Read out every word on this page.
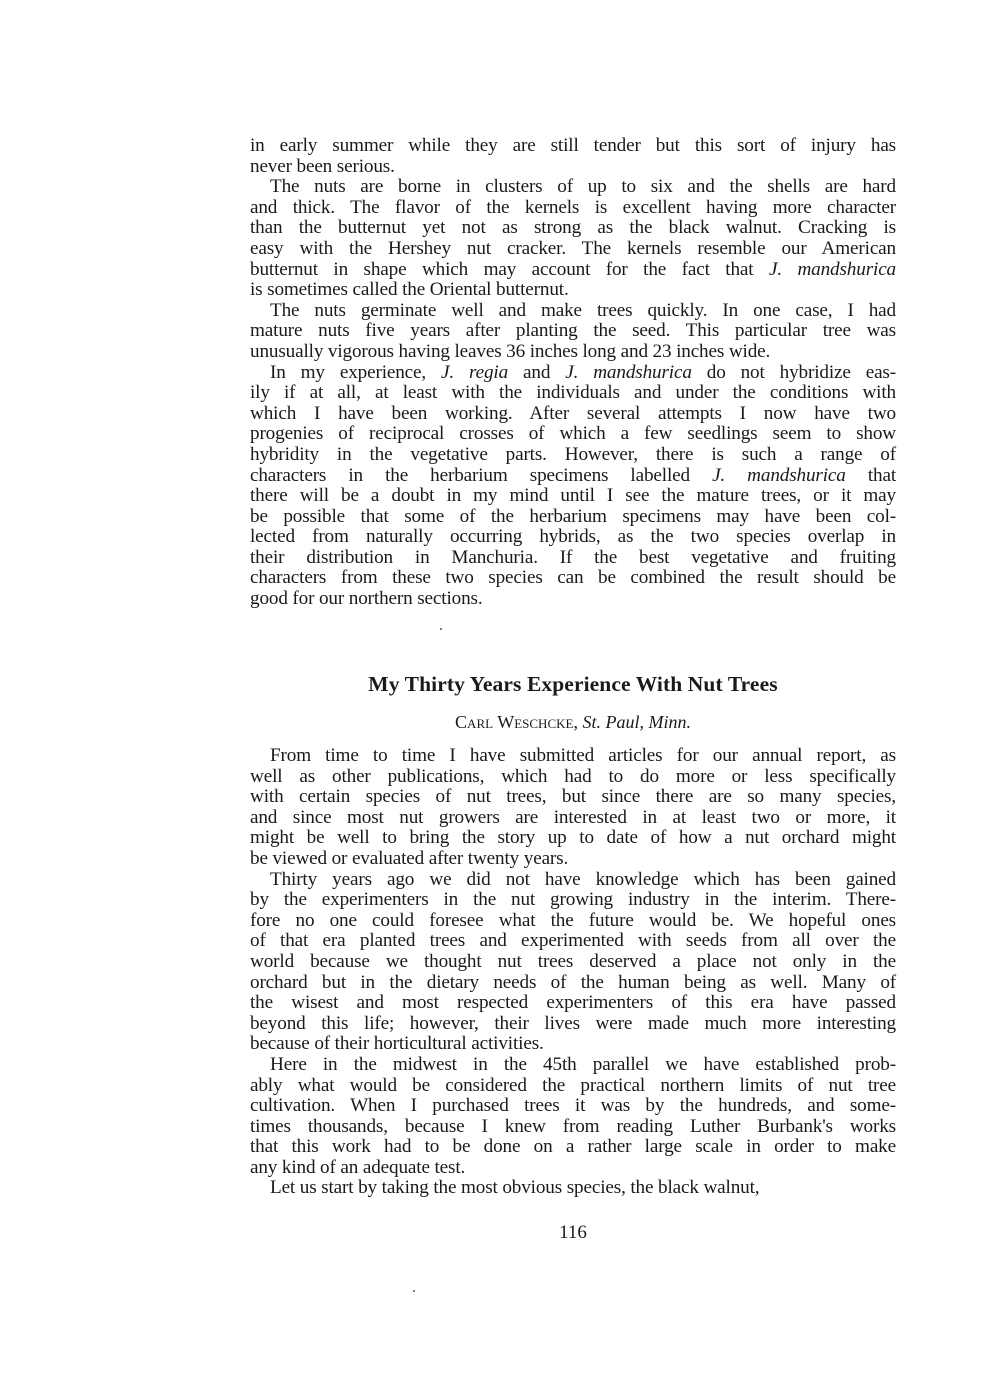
in early summer while they are still tender but this sort of injury has
never been serious.

The nuts are borne in clusters of up to six and the shells are hard
and thick. The flavor of the kernels is excellent having more character
than the butternut yet not as strong as the black walnut. Cracking is
easy with the Hershey nut cracker. The kernels resemble our American
butternut in shape which may account for the fact that J. mandshurica
is sometimes called the Oriental butternut.

The nuts germinate well and make trees quickly. In one case, I had
mature nuts five years after planting the seed. This particular tree was
unusually vigorous having leaves 36 inches long and 23 inches wide.

In my experience, J. regia and J. mandshurica do not hybridize eas-
ily if at all, at least with the individuals and under the conditions with
which I have been working. After several attempts I now have two
progenies of reciprocal crosses of which a few seedlings seem to show
hybridity in the vegetative parts. However, there is such a range of
characters in the herbarium specimens labelled J. mandshurica that
there will be a doubt in my mind until I see the mature trees, or it may
be possible that some of the herbarium specimens may have been col-
lected from naturally occurring hybrids, as the two species overlap in
their distribution in Manchuria. If the best vegetative and fruiting
characters from these two species can be combined the result should be
good for our northern sections.

My Thirty Years Experience With Nut Trees
Carl Weschcke, St. Paul, Minn.

From time to time I have submitted articles for our annual report, as
well as other publications, which had to do more or less specifically
with certain species of nut trees, but since there are so many species,
and since most nut growers are interested in at least two or more, it
might be well to bring the story up to date of how a nut orchard might
be viewed or evaluated after twenty years.

Thirty years ago we did not have knowledge which has been gained
by the experimenters in the nut growing industry in the interim. There-
fore no one could foresee what the future would be. We hopeful ones
of that era planted trees and experimented with seeds from all over the
world because we thought nut trees deserved a place not only in the
orchard but in the dietary needs of the human being as well. Many of
the wisest and most respected experimenters of this era have passed
beyond this life; however, their lives were made much more interesting
because of their horticultural activities.

Here in the midwest in the 45th parallel we have established prob-
ably what would be considered the practical northern limits of nut tree
cultivation. When I purchased trees it was by the hundreds, and some-
times thousands, because I knew from reading Luther Burbank's works
that this work had to be done on a rather large scale in order to make
any kind of an adequate test.

Let us start by taking the most obvious species, the black walnut,

116
